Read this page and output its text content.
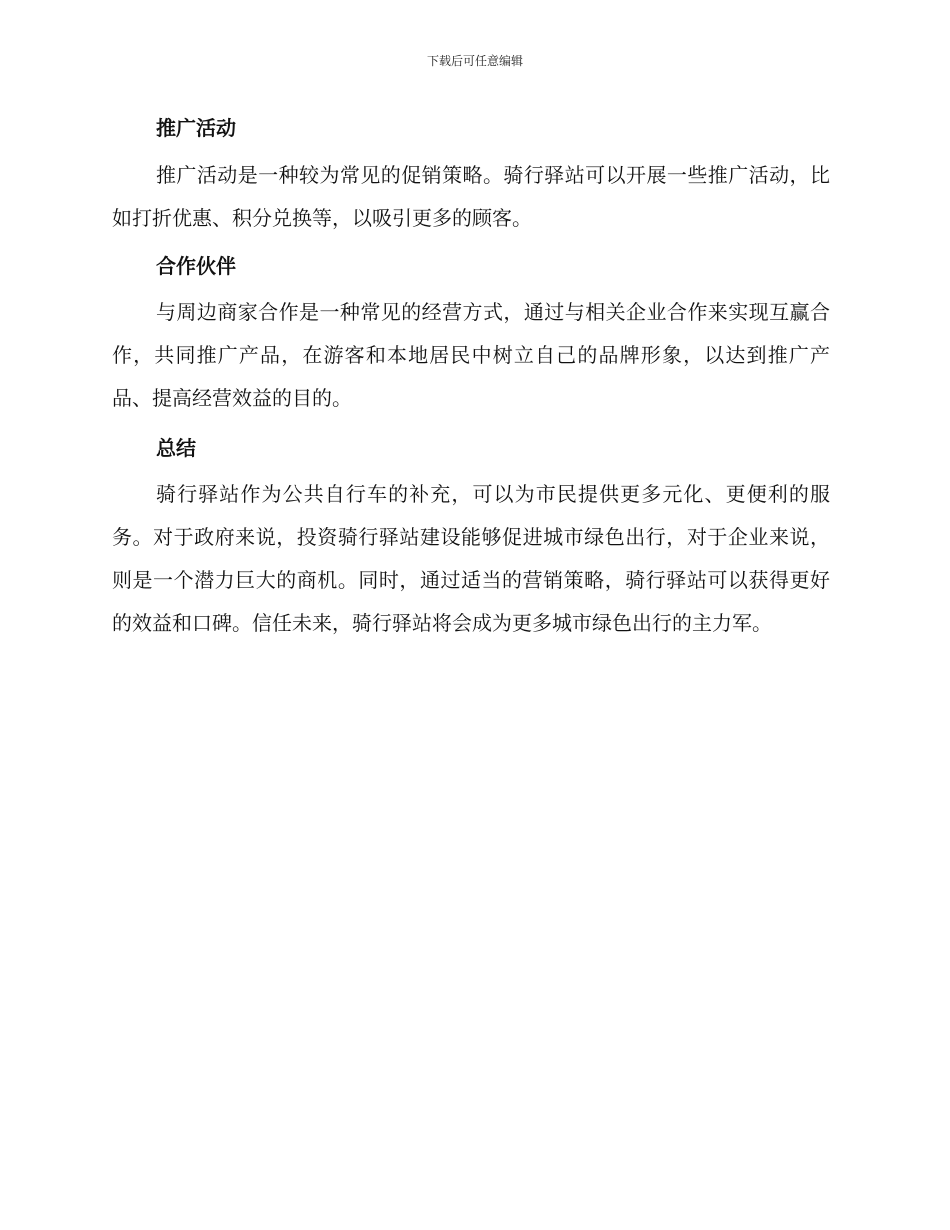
下载后可任意编辑
推广活动

推广活动是一种较为常见的促销策略。骑行驿站可以开展一些推广活动，比如打折优惠、积分兑换等，以吸引更多的顾客。

合作伙伴

与周边商家合作是一种常见的经营方式，通过与相关企业合作来实现互赢合作，共同推广产品，在游客和本地居民中树立自己的品牌形象，以达到推广产品、提高经营效益的目的。

总结

骑行驿站作为公共自行车的补充，可以为市民提供更多元化、更便利的服务。对于政府来说，投资骑行驿站建设能够促进城市绿色出行，对于企业来说，则是一个潜力巨大的商机。同时，通过适当的营销策略，骑行驿站可以获得更好的效益和口碑。信任未来，骑行驿站将会成为更多城市绿色出行的主力军。
